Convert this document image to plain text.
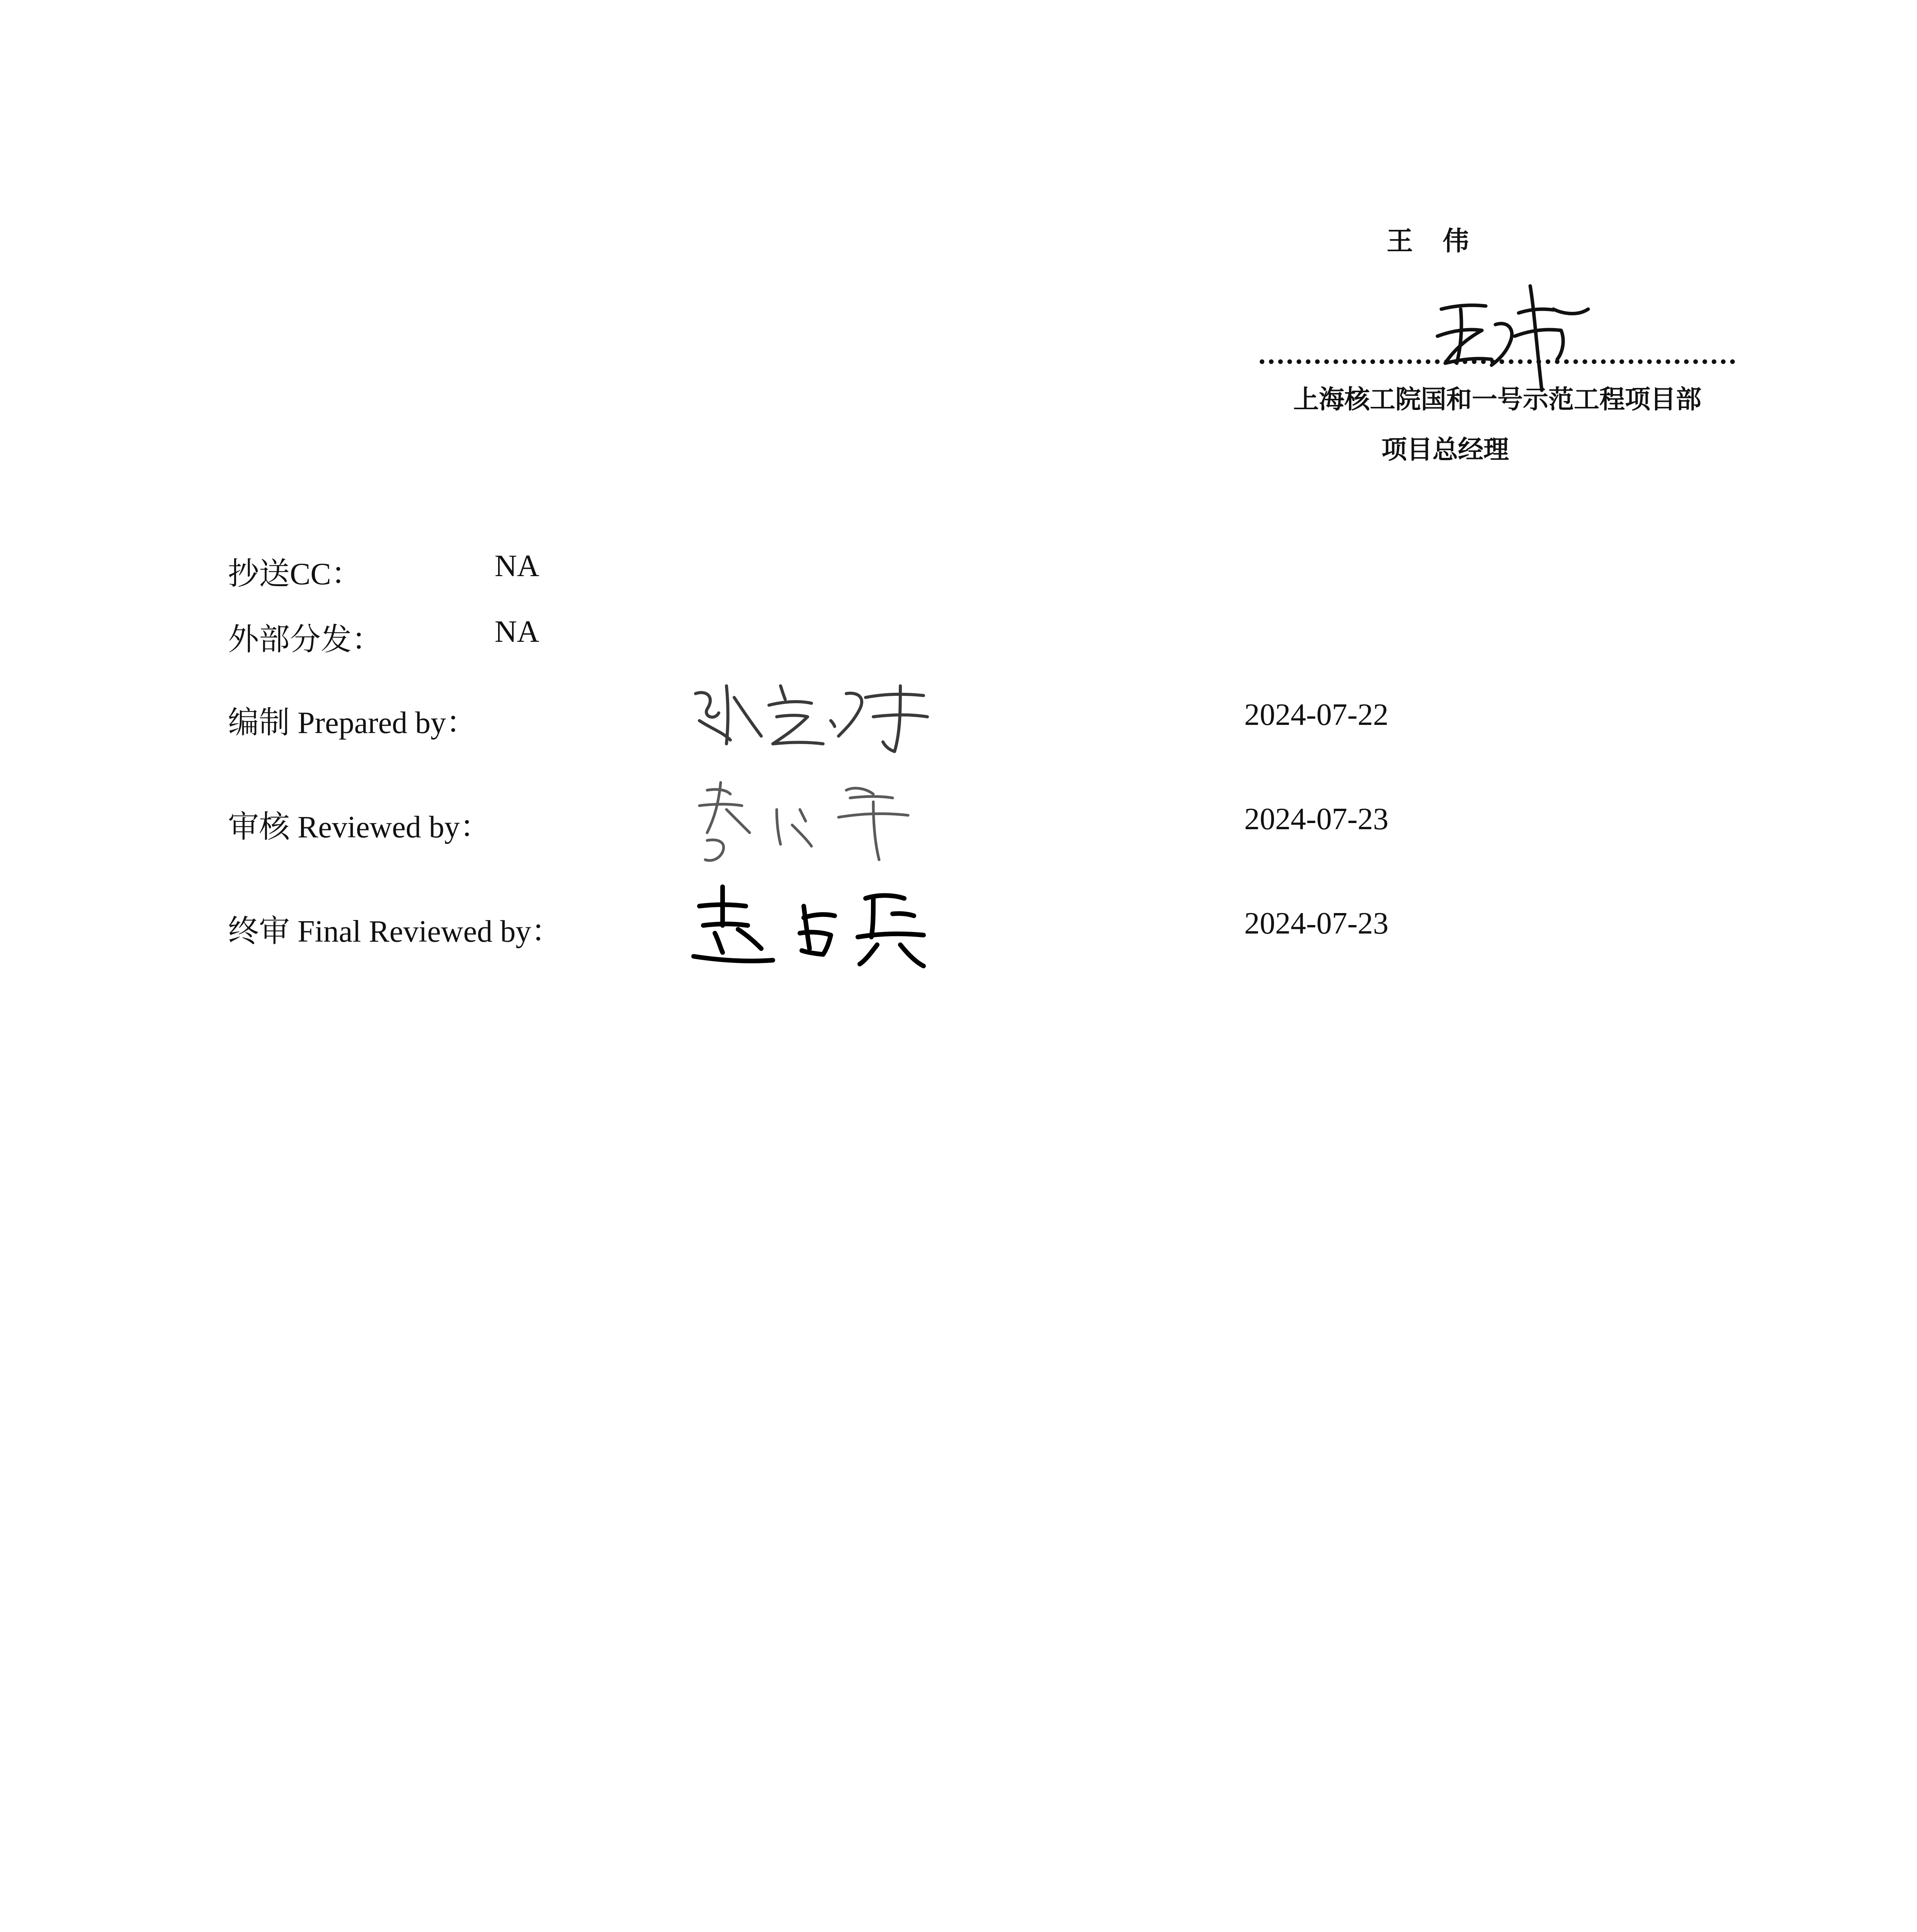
王 伟
上海核工院国和一号示范工程项目部
项目总经理
抄送CC：	NA
外部分发：	NA
编制 Prepared by：	2024-07-22
审核 Reviewed by：	2024-07-23
终审 Final Reviewed by：	2024-07-23
